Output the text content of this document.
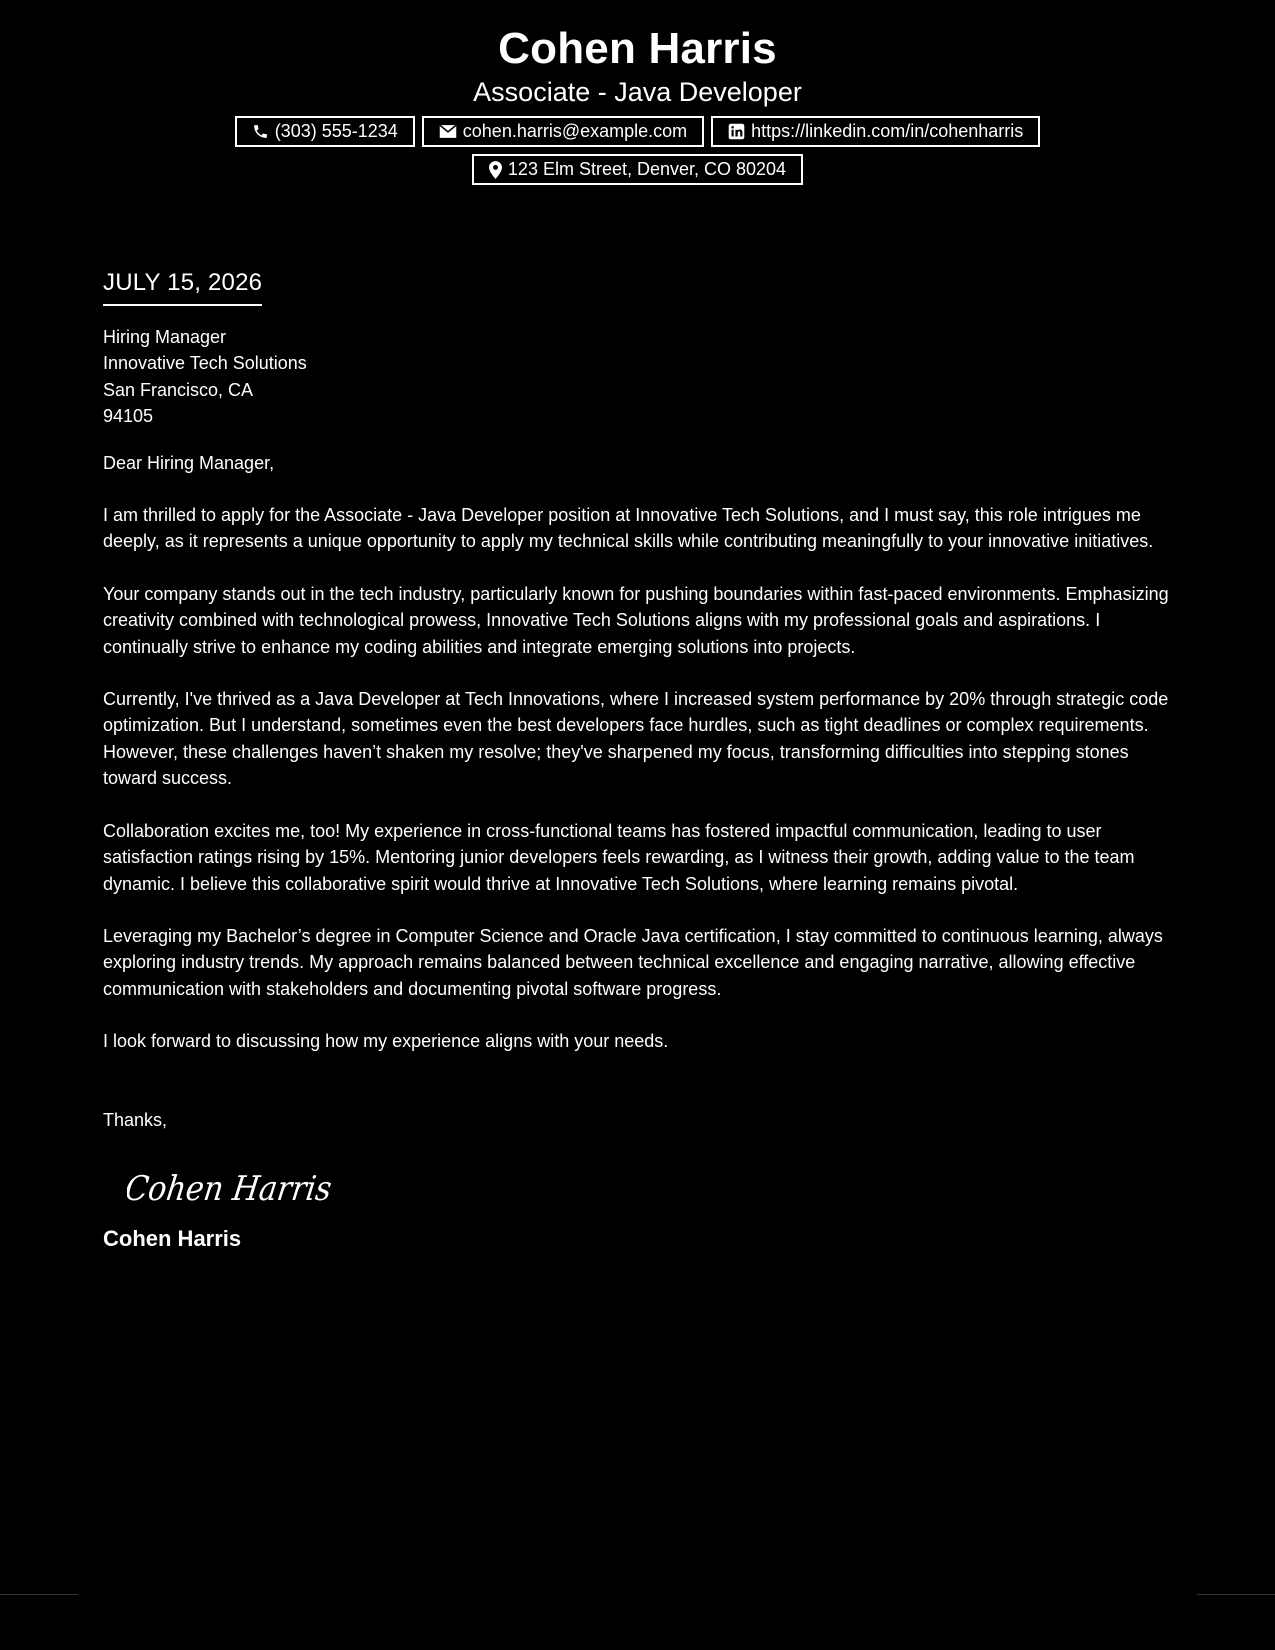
Cohen Harris
Associate - Java Developer
(303) 555-1234	cohen.harris@example.com	https://linkedin.com/in/cohenharris
123 Elm Street, Denver, CO 80204
JULY 15, 2026
Hiring Manager
Innovative Tech Solutions
San Francisco, CA
94105
Dear Hiring Manager,

I am thrilled to apply for the Associate - Java Developer position at Innovative Tech Solutions, and I must say, this role intrigues me deeply, as it represents a unique opportunity to apply my technical skills while contributing meaningfully to your innovative initiatives.

Your company stands out in the tech industry, particularly known for pushing boundaries within fast-paced environments. Emphasizing creativity combined with technological prowess, Innovative Tech Solutions aligns with my professional goals and aspirations. I continually strive to enhance my coding abilities and integrate emerging solutions into projects.

Currently, I've thrived as a Java Developer at Tech Innovations, where I increased system performance by 20% through strategic code optimization. But I understand, sometimes even the best developers face hurdles, such as tight deadlines or complex requirements. However, these challenges haven’t shaken my resolve; they've sharpened my focus, transforming difficulties into stepping stones toward success.

Collaboration excites me, too! My experience in cross-functional teams has fostered impactful communication, leading to user satisfaction ratings rising by 15%. Mentoring junior developers feels rewarding, as I witness their growth, adding value to the team dynamic. I believe this collaborative spirit would thrive at Innovative Tech Solutions, where learning remains pivotal.

Leveraging my Bachelor’s degree in Computer Science and Oracle Java certification, I stay committed to continuous learning, always exploring industry trends. My approach remains balanced between technical excellence and engaging narrative, allowing effective communication with stakeholders and documenting pivotal software progress.

I look forward to discussing how my experience aligns with your needs.

Thanks,
Cohen Harris
Cohen Harris
